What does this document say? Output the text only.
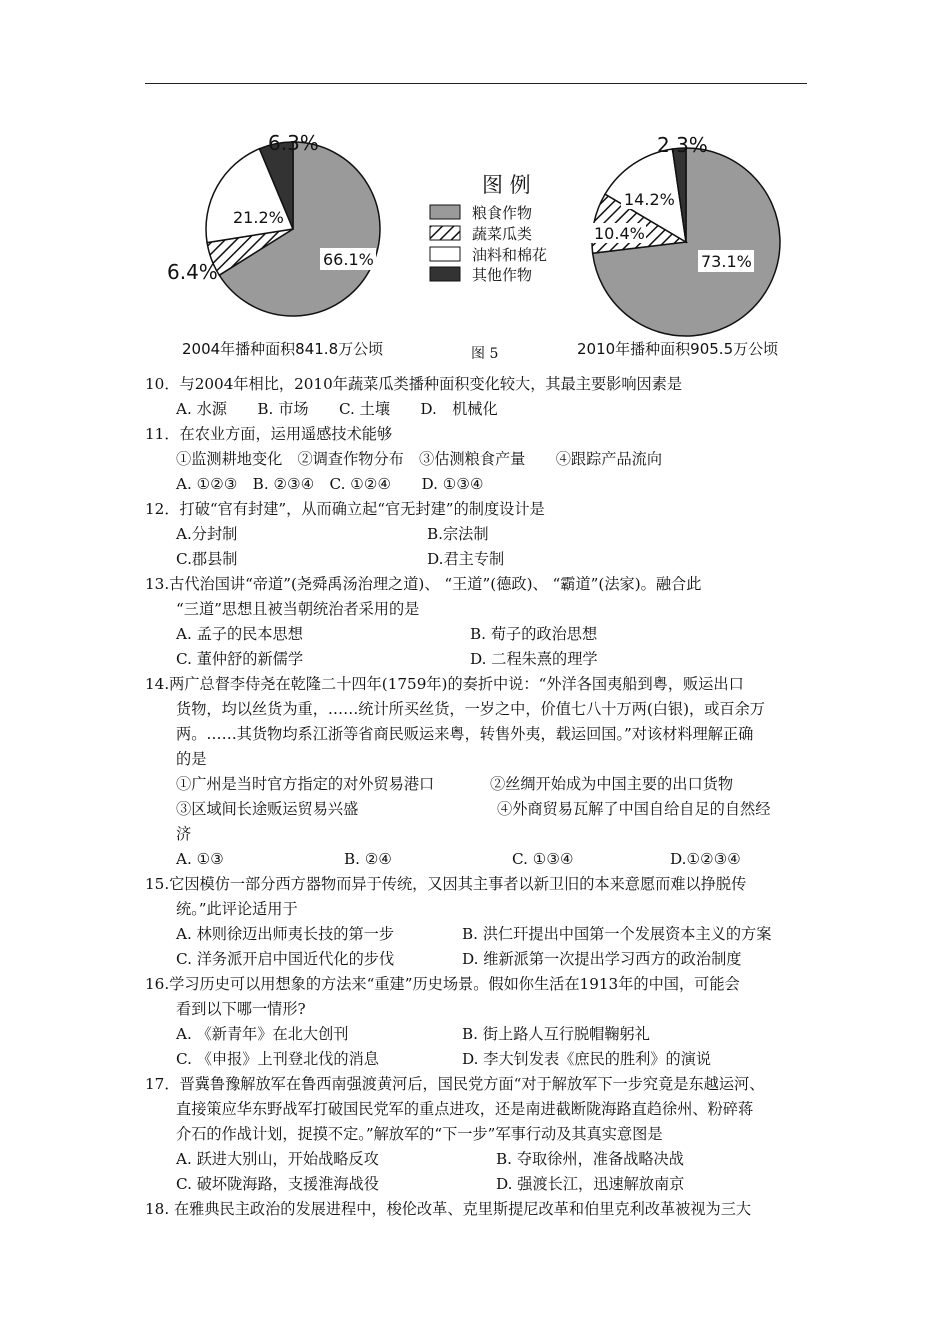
6.3%
21.2%
66.1%
6.4%
2.3%
14.2%
10.4%
73.1%
图 例
粮食作物
蔬菜瓜类
油料和棉花
其他作物
2004年播种面积841.8万公顷	图 5	2010年播种面积905.5万公顷
10．与2004年相比，2010年蔬菜瓜类播种面积变化较大，其最主要影响因素是
A. 水源　　B. 市场　　C. 土壤　　D.　机械化
11．在农业方面，运用遥感技术能够
①监测耕地变化　②调查作物分布　③估测粮食产量　　④跟踪产品流向
A. ①②③　B. ②③④　C. ①②④　　D. ①③④
12．打破“官有封建”，从而确立起“官无封建”的制度设计是
A.分封制	B.宗法制
C.郡县制	D.君主专制
13.古代治国讲“帝道”(尧舜禹汤治理之道)、 “王道”(德政)、 “霸道”(法家)。融合此
“三道”思想且被当朝统治者采用的是
A. 孟子的民本思想	B. 荀子的政治思想
C. 董仲舒的新儒学	D. 二程朱熹的理学
14.两广总督李侍尧在乾隆二十四年(1759年)的奏折中说：“外洋各国夷船到粤，贩运出口
货物，均以丝货为重，……统计所买丝货，一岁之中，价值七八十万两(白银)，或百余万
两。……其货物均系江浙等省商民贩运来粤，转售外夷，载运回国。”对该材料理解正确
的是
①广州是当时官方指定的对外贸易港口	②丝绸开始成为中国主要的出口货物
③区域间长途贩运贸易兴盛	④外商贸易瓦解了中国自给自足的自然经
济
A. ①③	B. ②④	C. ①③④	D.①②③④
15.它因模仿一部分西方器物而异于传统，又因其主事者以新卫旧的本来意愿而难以挣脱传
统。”此评论适用于
A. 林则徐迈出师夷长技的第一步	B. 洪仁玕提出中国第一个发展资本主义的方案
C. 洋务派开启中国近代化的步伐	D. 维新派第一次提出学习西方的政治制度
16.学习历史可以用想象的方法来“重建”历史场景。假如你生活在1913年的中国，可能会
看到以下哪一情形?
A. 《新青年》在北大创刊	B. 街上路人互行脱帽鞠躬礼
C. 《申报》上刊登北伐的消息	D. 李大钊发表《庶民的胜利》的演说
17．晋冀鲁豫解放军在鲁西南强渡黄河后，国民党方面“对于解放军下一步究竟是东越运河、
直接策应华东野战军打破国民党军的重点进攻，还是南进截断陇海路直趋徐州、粉碎蒋
介石的作战计划，捉摸不定。”解放军的“下一步”军事行动及其真实意图是
A. 跃进大别山，开始战略反攻	B. 夺取徐州，准备战略决战
C. 破坏陇海路，支援淮海战役	D. 强渡长江，迅速解放南京
18. 在雅典民主政治的发展进程中，梭伦改革、克里斯提尼改革和伯里克利改革被视为三大
